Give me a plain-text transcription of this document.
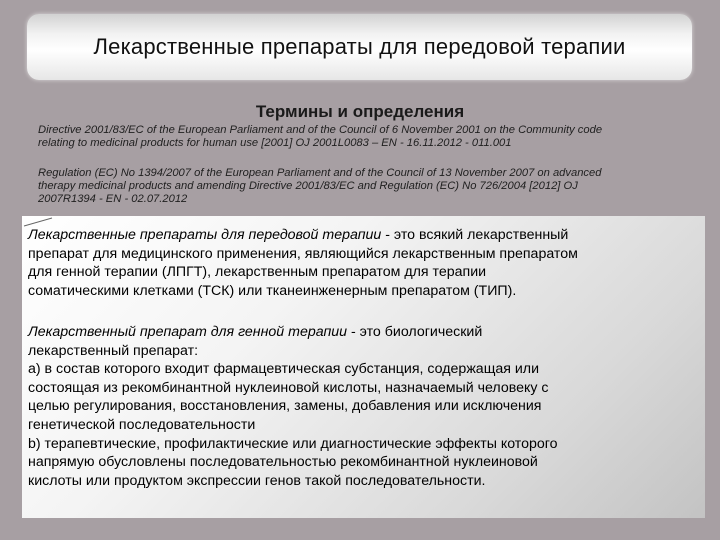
Лекарственные препараты для передовой терапии
Термины и определения
Directive 2001/83/EC of the European Parliament and of the Council of 6 November 2001 on the Community code
relating to medicinal products for human use [2001] OJ 2001L0083 – EN - 16.11.2012 - 011.001
Regulation (EC) No 1394/2007 of the European Parliament and of the Council of 13 November 2007 on advanced
therapy medicinal products and amending Directive 2001/83/EC and Regulation (EC) No 726/2004 [2012] OJ
2007R1394 - EN - 02.07.2012
Лекарственные препараты для передовой терапии - это всякий лекарственный
препарат для медицинского применения, являющийся лекарственным препаратом
для генной терапии (ЛПГТ), лекарственным препаратом для терапии
соматическими клетками (ТСК) или тканеинженерным препаратом (ТИП).
Лекарственный препарат для генной терапии - это биологический
лекарственный препарат:
a) в состав которого входит фармацевтическая субстанция, содержащая или
состоящая из рекомбинантной нуклеиновой кислоты, назначаемый человеку с
целью регулирования, восстановления, замены, добавления или исключения
генетической последовательности
b) терапевтические, профилактические или диагностические эффекты которого
напрямую обусловлены последовательностью рекомбинантной нуклеиновой
кислоты или продуктом экспрессии генов такой последовательности.
